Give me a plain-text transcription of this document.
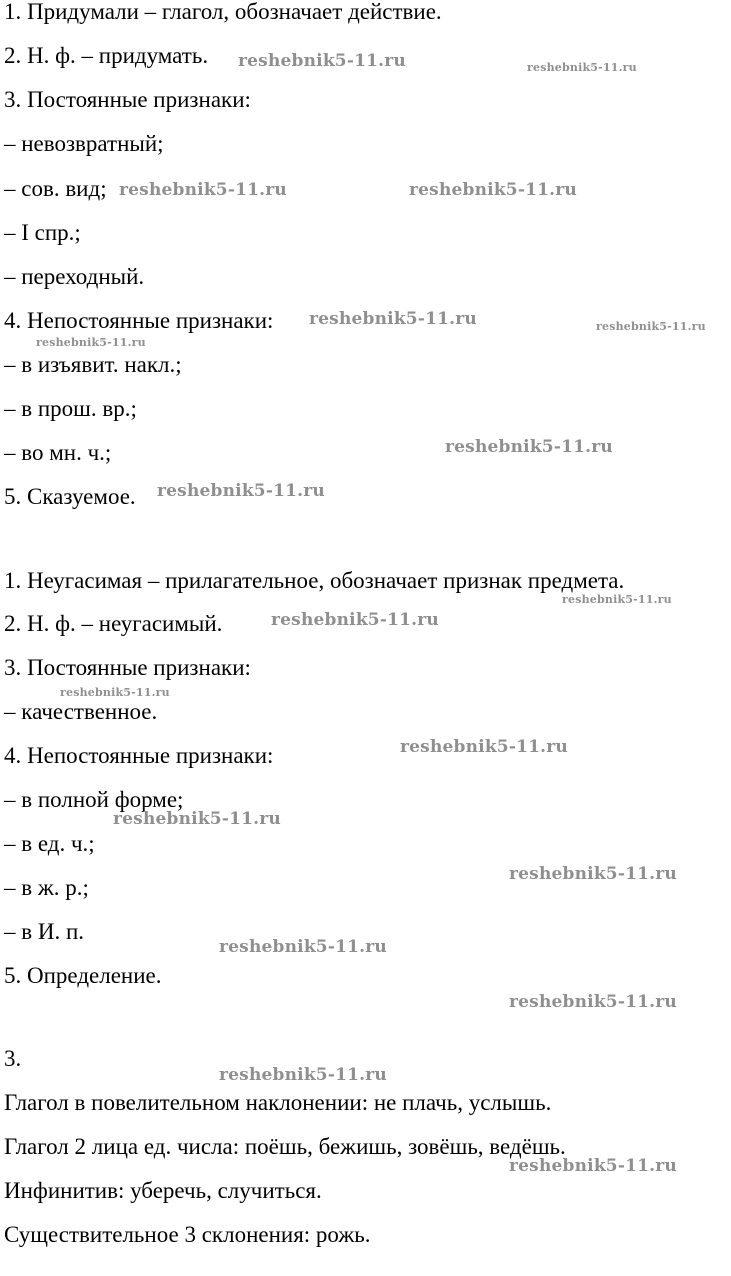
1. Придумали – глагол, обозначает действие.
2. Н. ф. – придумать.
3. Постоянные признаки:
– невозвратный;
– сов. вид;
– I спр.;
– переходный.
4. Непостоянные признаки:
– в изъявит. накл.;
– в прош. вр.;
– во мн. ч.;
5. Сказуемое.
1. Неугасимая – прилагательное, обозначает признак предмета.
2. Н. ф. – неугасимый.
3. Постоянные признаки:
– качественное.
4. Непостоянные признаки:
– в полной форме;
– в ед. ч.;
– в ж. р.;
– в И. п.
5. Определение.
3.
Глагол в повелительном наклонении: не плачь, услышь.
Глагол 2 лица ед. числа: поёшь, бежишь, зовёшь, ведёшь.
Инфинитив: уберечь, случиться.
Существительное 3 склонения: рожь.
reshebnik5-11.ru	reshebnik5-11.ru
reshebnik5-11.ru	reshebnik5-11.ru
reshebnik5-11.ru	reshebnik5-11.ru
reshebnik5-11.ru
reshebnik5-11.ru
reshebnik5-11.ru
reshebnik5-11.ru
reshebnik5-11.ru
reshebnik5-11.ru
reshebnik5-11.ru
reshebnik5-11.ru
reshebnik5-11.ru
reshebnik5-11.ru
reshebnik5-11.ru
reshebnik5-11.ru
reshebnik5-11.ru
